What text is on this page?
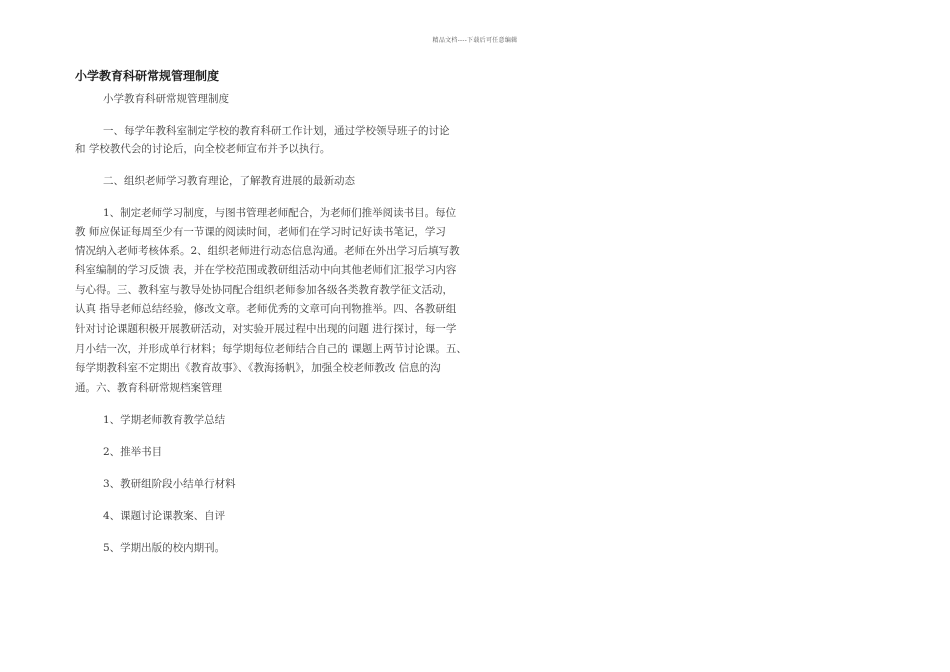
精品文档----下载后可任意编辑
小学教育科研常规管理制度
小学教育科研常规管理制度
一、每学年教科室制定学校的教育科研工作计划，通过学校领导班子的讨论
和 学校教代会的讨论后，向全校老师宣布并予以执行。
二、组织老师学习教育理论，了解教育进展的最新动态
1、制定老师学习制度，与图书管理老师配合，为老师们推举阅读书目。每位
教 师应保证每周至少有一节课的阅读时间，老师们在学习时记好读书笔记，学习
情况纳入老师考核体系。2、组织老师进行动态信息沟通。老师在外出学习后填写教
科室编制的学习反馈 表，并在学校范围或教研组活动中向其他老师们汇报学习内容
与心得。三、教科室与教导处协同配合组织老师参加各级各类教育教学征文活动，
认真 指导老师总结经验，修改文章。老师优秀的文章可向刊物推举。四、各教研组
针对讨论课题积极开展教研活动，对实验开展过程中出现的问题 进行探讨，每一学
月小结一次，并形成单行材料；每学期每位老师结合自己的 课题上两节讨论课。五、
每学期教科室不定期出《教育故事》、《教海扬帆》，加强全校老师教改 信息的沟
通。六、教育科研常规档案管理
1、学期老师教育教学总结
2、推举书目
3、教研组阶段小结单行材料
4、课题讨论课教案、自评
5、学期出版的校内期刊。
